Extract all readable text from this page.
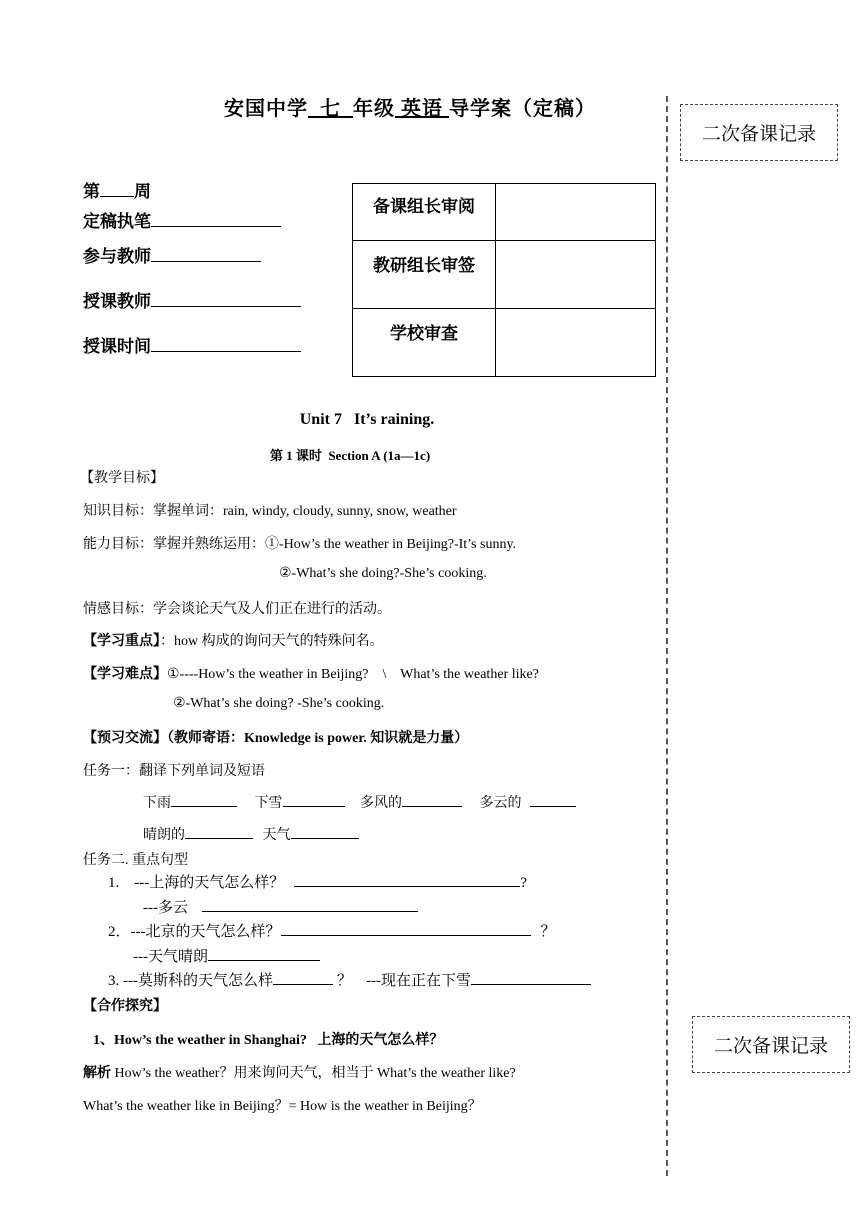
安国中学 七 年级 英语 导学案（定稿）
二次备课记录
二次备课记录
第 周
定稿执笔
参与教师
授课教师
授课时间
备课组长审阅	
教研组长审签	
学校审查	
Unit 7   It’s raining.
第 1 课时  Section A (1a—1c)
【教学目标】
知识目标：掌握单词：rain, windy, cloudy, sunny, snow, weather
能力目标：掌握并熟练运用：①-How’s the weather in Beijing?-It’s sunny.
②-What’s she doing?-She’s cooking.
情感目标：学会谈论天气及人们正在进行的活动。
【学习重点】：how 构成的询问天气的特殊问名。
【学习难点】①----How’s the weather in Beijing?    \    What’s the weather like?
②-What’s she doing? -She’s cooking.
【预习交流】（教师寄语：Knowledge is power. 知识就是力量）
任务一：翻译下列单词及短语
下雨	下雪	多风的	多云的
晴朗的	天气
任务二. 重点句型
1.    ---上海的天气怎么样？	?
---多云
2．---北京的天气怎么样？	？
---天气晴朗
3. ---莫斯科的天气怎么样	？ ---现在正在下雪
【合作探究】
1、How’s the weather in Shanghai?   上海的天气怎么样？
解析 How’s the weather？用来询问天气，相当于 What’s the weather like?
What’s the weather like in Beijing？= How is the weather in Beijing？
